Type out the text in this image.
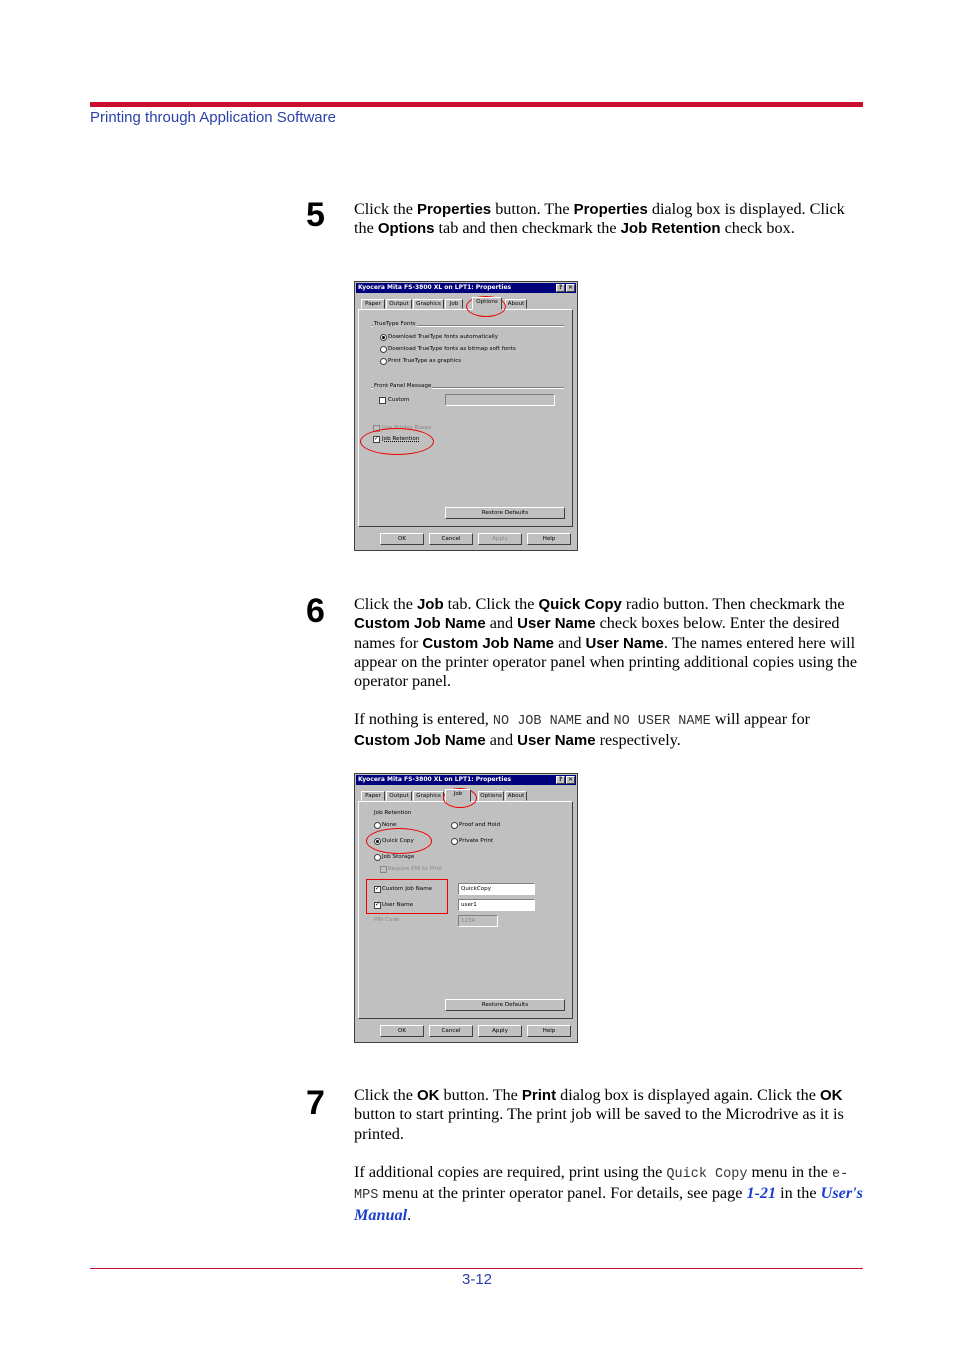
Printing through Application Software
5 Click the Properties button. The Properties dialog box is displayed. Click the Options tab and then checkmark the Job Retention check box.
Kyocera Mita FS-3800 XL on LPT1: Properties	? ✕
Paper	Output	Graphics	Job	Options	About
TrueType Fonts
Download TrueType fonts automatically
Download TrueType fonts as bitmap soft fonts
Print TrueType as graphics
Front Panel Message
Custom
Use Printer Boxes
✓
Job Retention
Restore Defaults
OK	Cancel	Apply	Help
6 Click the Job tab. Click the Quick Copy radio button. Then checkmark the Custom Job Name and User Name check boxes below. Enter the desired names for Custom Job Name and User Name. The names entered here will appear on the printer operator panel when printing additional copies using the operator panel.
If nothing is entered, NO JOB NAME and NO USER NAME will appear for Custom Job Name and User Name respectively.
Kyocera Mita FS-3800 XL on LPT1: Properties	? ✕
Paper	Output	Graphics	Job	Options	About
Job Retention
None	Proof and Hold
Quick Copy	Private Print
Job Storage
Require PIN to Print
✓
Custom Job Name	QuickCopy
✓
User Name	user1
PIN Code	1234
Restore Defaults
OK	Cancel	Apply	Help
7 Click the OK button. The Print dialog box is displayed again. Click the OK button to start printing. The print job will be saved to the Microdrive as it is printed.
If additional copies are required, print using the Quick Copy menu in the e-MPS menu at the printer operator panel. For details, see page 1-21 in the User's Manual.
3-12
